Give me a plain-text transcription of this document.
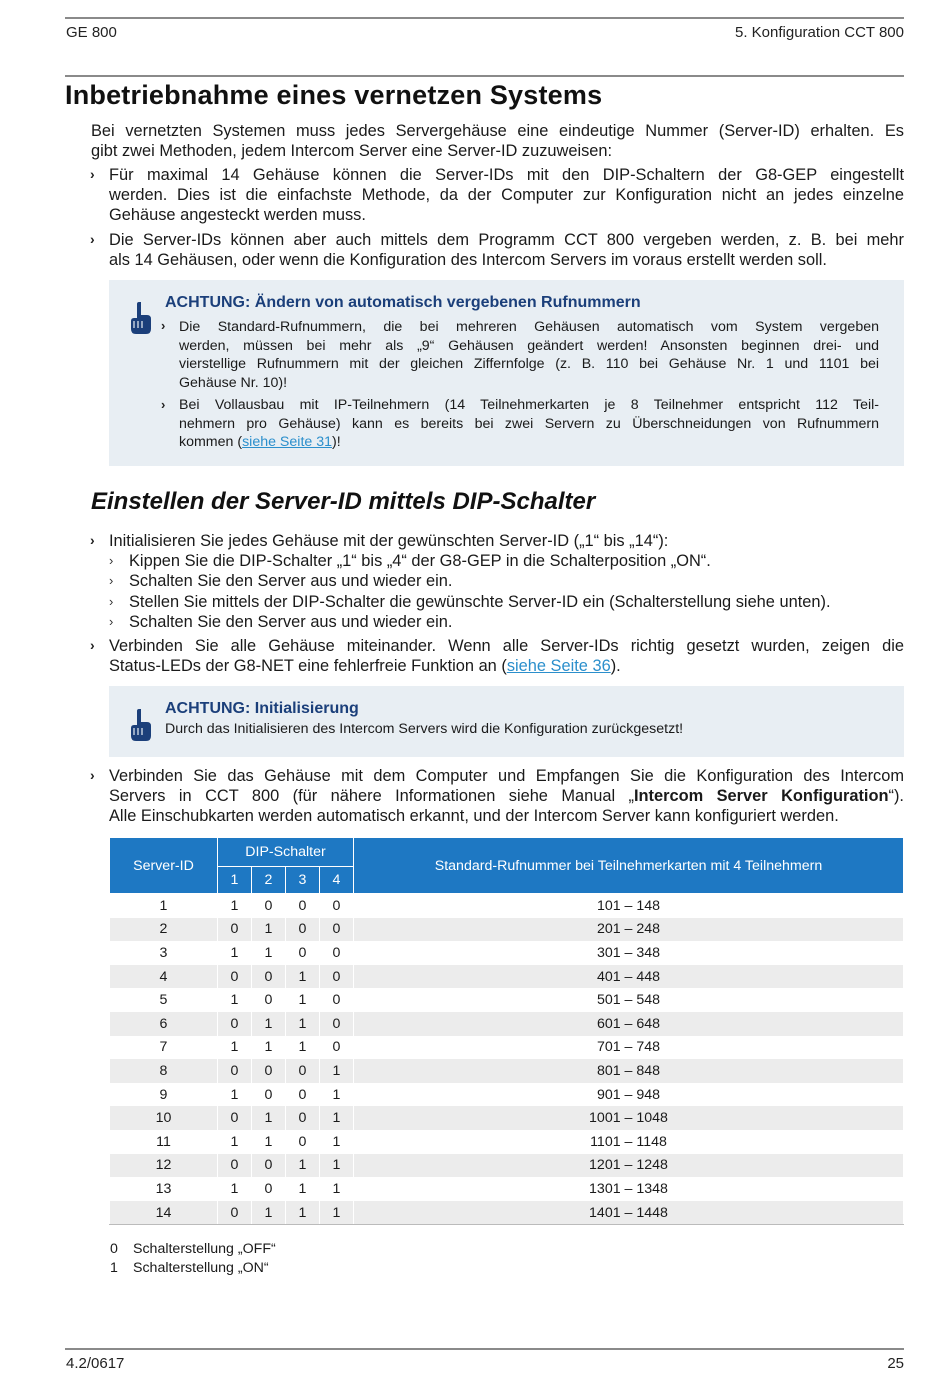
GE 800	5. Konfiguration CCT 800
Inbetriebnahme eines vernetzen Systems
Bei vernetzten Systemen muss jedes Servergehäuse eine eindeutige Nummer (Server-ID) erhalten. Es
gibt zwei Methoden, jedem Intercom Server eine Server-ID zuzuweisen:
› Für maximal 14 Gehäuse können die Server-IDs mit den DIP-Schaltern der G8-GEP eingestellt
werden. Dies ist die einfachste Methode, da der Computer zur Konfiguration nicht an jedes einzelne
Gehäuse angesteckt werden muss.
› Die Server-IDs können aber auch mittels dem Programm CCT 800 vergeben werden, z. B. bei mehr
als 14 Gehäusen, oder wenn die Konfiguration des Intercom Servers im voraus erstellt werden soll.
ACHTUNG: Ändern von automatisch vergebenen Rufnummern
› Die Standard-Rufnummern, die bei mehreren Gehäusen automatisch vom System vergeben
werden, müssen bei mehr als „9“ Gehäusen geändert werden! Ansonsten beginnen drei- und
vierstellige Rufnummern mit der gleichen Ziffernfolge (z. B. 110 bei Gehäuse Nr. 1 und 1101 bei
Gehäuse Nr. 10)!
› Bei Vollausbau mit IP-Teilnehmern (14 Teilnehmerkarten je 8 Teilnehmer entspricht 112 Teil-
nehmern pro Gehäuse) kann es bereits bei zwei Servern zu Überschneidungen von Rufnummern
kommen (siehe Seite 31)!
Einstellen der Server-ID mittels DIP-Schalter
› Initialisieren Sie jedes Gehäuse mit der gewünschten Server-ID („1“ bis „14“):
› Kippen Sie die DIP-Schalter „1“ bis „4“ der G8-GEP in die Schalterposition „ON“.
› Schalten Sie den Server aus und wieder ein.
› Stellen Sie mittels der DIP-Schalter die gewünschte Server-ID ein (Schalterstellung siehe unten).
› Schalten Sie den Server aus und wieder ein.
› Verbinden Sie alle Gehäuse miteinander. Wenn alle Server-IDs richtig gesetzt wurden, zeigen die
Status-LEDs der G8-NET eine fehlerfreie Funktion an (siehe Seite 36).
ACHTUNG: Initialisierung
Durch das Initialisieren des Intercom Servers wird die Konfiguration zurückgesetzt!
› Verbinden Sie das Gehäuse mit dem Computer und Empfangen Sie die Konfiguration des Intercom
Servers in CCT 800 (für nähere Informationen siehe Manual „Intercom Server Konfiguration“).
Alle Einschubkarten werden automatisch erkannt, und der Intercom Server kann konfiguriert werden.
Server-ID	DIP-Schalter				Standard-Rufnummer bei Teilnehmerkarten mit 4 Teilnehmern
	1	2	3	4	
1	1	0	0	0	101 – 148
2	0	1	0	0	201 – 248
3	1	1	0	0	301 – 348
4	0	0	1	0	401 – 448
5	1	0	1	0	501 – 548
6	0	1	1	0	601 – 648
7	1	1	1	0	701 – 748
8	0	0	0	1	801 – 848
9	1	0	0	1	901 – 948
10	0	1	0	1	1001 – 1048
11	1	1	0	1	1101 – 1148
12	0	0	1	1	1201 – 1248
13	1	0	1	1	1301 – 1348
14	0	1	1	1	1401 – 1448
0 Schalterstellung „OFF“
1 Schalterstellung „ON“
4.2/0617	25
